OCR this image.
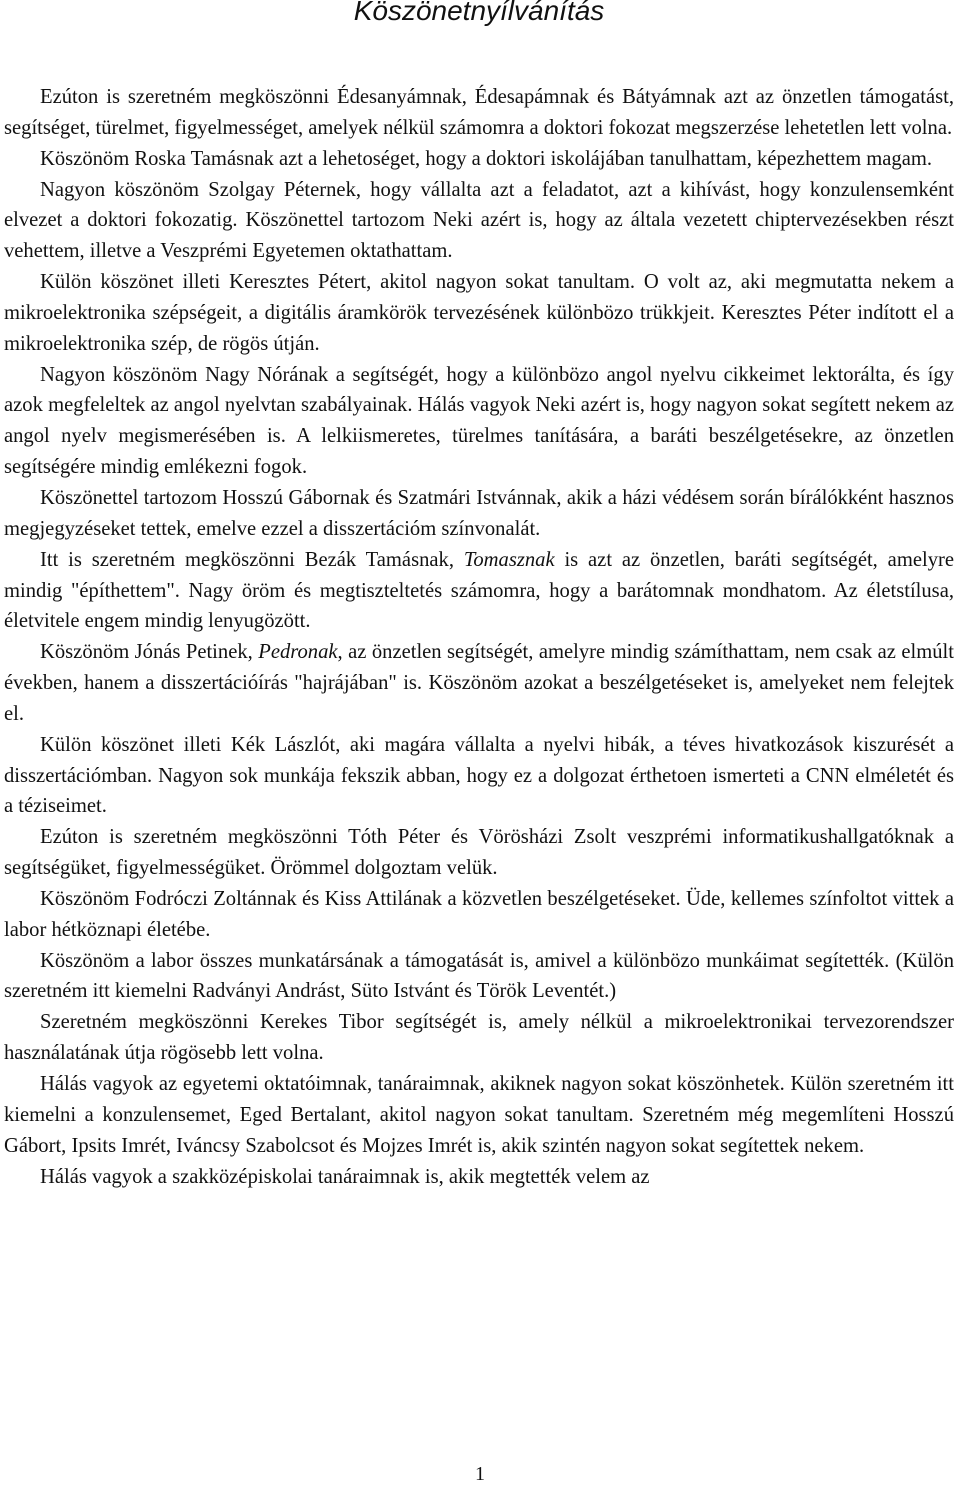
Köszönetnyílvánítás

Ezúton is szeretném megköszönni Édesanyámnak, Édesapámnak és Bátyámnak azt az önzetlen támogatást, segítséget, türelmet, figyelmességet, amelyek nélkül számomra a doktori fokozat megszerzése lehetetlen lett volna.

Köszönöm Roska Tamásnak azt a lehetoséget, hogy a doktori iskolájában tanulhattam, képezhettem magam.

Nagyon köszönöm Szolgay Péternek, hogy vállalta azt a feladatot, azt a kihívást, hogy konzulensemként elvezet a doktori fokozatig. Köszönettel tartozom Neki azért is, hogy az általa vezetett chiptervezésekben részt vehettem, illetve a Veszprémi Egyetemen oktathattam.

Külön köszönet illeti Keresztes Pétert, akitol nagyon sokat tanultam. O volt az, aki megmutatta nekem a mikroelektronika szépségeit, a digitális áramkörök tervezésének különbözo trükkjeit. Keresztes Péter indított el a mikroelektronika szép, de rögös útján.

Nagyon köszönöm Nagy Nórának a segítségét, hogy a különbözo angol nyelvu cikkeimet lektorálta, és így azok megfeleltek az angol nyelvtan szabályainak. Hálás vagyok Neki azért is, hogy nagyon sokat segített nekem az angol nyelv megismerésében is. A lelkiismeretes, türelmes tanítására, a baráti beszélgetésekre, az önzetlen segítségére mindig emlékezni fogok.

Köszönettel tartozom Hosszú Gábornak és Szatmári Istvánnak, akik a házi védésem során bírálókként hasznos megjegyzéseket tettek, emelve ezzel a disszertációm színvonalát.

Itt is szeretném megköszönni Bezák Tamásnak, Tomasznak is azt az önzetlen, baráti segítségét, amelyre mindig "építhettem". Nagy öröm és megtiszteltetés számomra, hogy a barátomnak mondhatom. Az életstílusa, életvitele engem mindig lenyugözött.

Köszönöm Jónás Petinek, Pedronak, az önzetlen segítségét, amelyre mindig számíthattam, nem csak az elmúlt években, hanem a disszertációírás "hajrájában" is. Köszönöm azokat a beszélgetéseket is, amelyeket nem felejtek el.

Külön köszönet illeti Kék Lászlót, aki magára vállalta a nyelvi hibák, a téves hivatkozások kiszurését a disszertációmban. Nagyon sok munkája fekszik abban, hogy ez a dolgozat érthetoen ismerteti a CNN elméletét és a téziseimet.

Ezúton is szeretném megköszönni Tóth Péter és Vörösházi Zsolt veszprémi informatikushallgatóknak a segítségüket, figyelmességüket. Örömmel dolgoztam velük.

Köszönöm Fodróczi Zoltánnak és Kiss Attilának a közvetlen beszélgetéseket. Üde, kellemes színfoltot vittek a labor hétköznapi életébe.

Köszönöm a labor összes munkatársának a támogatását is, amivel a különbözo munkáimat segítették. (Külön szeretném itt kiemelni Radványi Andrást, Süto Istvánt és Török Leventét.)

Szeretném megköszönni Kerekes Tibor segítségét is, amely nélkül a mikroelektronikai tervezorendszer használatának útja rögösebb lett volna.

Hálás vagyok az egyetemi oktatóimnak, tanáraimnak, akiknek nagyon sokat köszönhetek. Külön szeretném itt kiemelni a konzulensemet, Eged Bertalant, akitol nagyon sokat tanultam. Szeretném még megemlíteni Hosszú Gábort, Ipsits Imrét, Iváncsy Szabolcsot és Mojzes Imrét is, akik szintén nagyon sokat segítettek nekem.

Hálás vagyok a szakközépiskolai tanáraimnak is, akik megtették velem az

1
